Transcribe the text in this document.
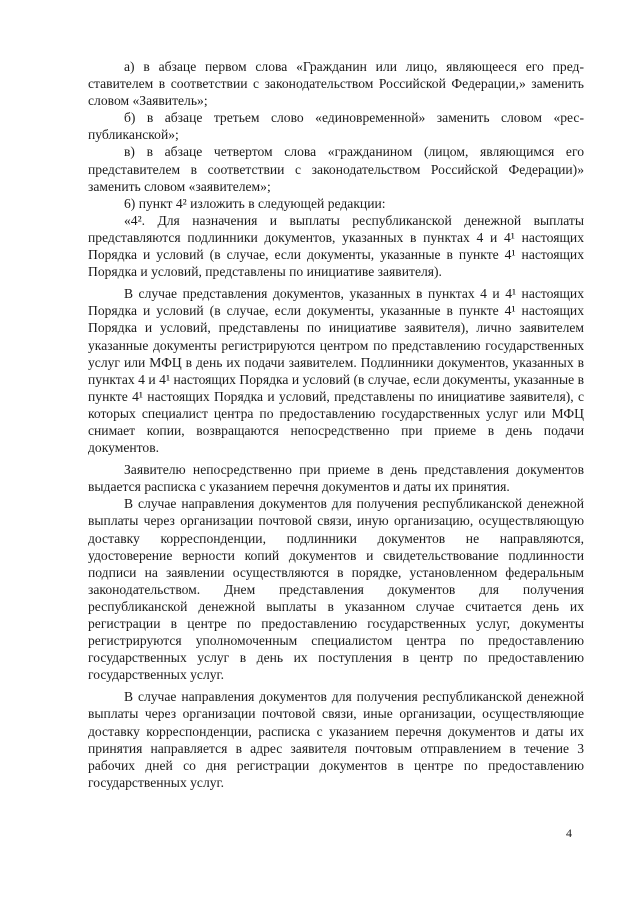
а) в абзаце первом слова «Гражданин или лицо, являющееся его представителем в соответствии с законодательством Российской Федерации,» заменить словом «Заявитель»;

б) в абзаце третьем слово «единовременной» заменить словом «республиканской»;

в) в абзаце четвертом слова «гражданином (лицом, являющимся его представителем в соответствии с законодательством Российской Федерации)» заменить словом «заявителем»;

6) пункт 4² изложить в следующей редакции:

«4². Для назначения и выплаты республиканской денежной выплаты представляются подлинники документов, указанных в пунктах 4 и 4¹ настоящих Порядка и условий (в случае, если документы, указанные в пункте 4¹ настоящих Порядка и условий, представлены по инициативе заявителя).

В случае представления документов, указанных в пунктах 4 и 4¹ настоящих Порядка и условий (в случае, если документы, указанные в пункте 4¹ настоящих Порядка и условий, представлены по инициативе заявителя), лично заявителем указанные документы регистрируются центром по представлению государственных услуг или МФЦ в день их подачи заявителем. Подлинники документов, указанных в пунктах 4 и 4¹ настоящих Порядка и условий (в случае, если документы, указанные в пункте 4¹ настоящих Порядка и условий, представлены по инициативе заявителя), с которых специалист центра по предоставлению государственных услуг или МФЦ снимает копии, возвращаются непосредственно при приеме в день подачи документов.

Заявителю непосредственно при приеме в день представления документов выдается расписка с указанием перечня документов и даты их принятия.

В случае направления документов для получения республиканской денежной выплаты через организации почтовой связи, иную организацию, осуществляющую доставку корреспонденции, подлинники документов не направляются, удостоверение верности копий документов и свидетельствование подлинности подписи на заявлении осуществляются в порядке, установленном федеральным законодательством. Днем представления документов для получения республиканской денежной выплаты в указанном случае считается день их регистрации в центре по предоставлению государственных услуг, документы регистрируются уполномоченным специалистом центра по предоставлению государственных услуг в день их поступления в центр по предоставлению государственных услуг.

В случае направления документов для получения республиканской денежной выплаты через организации почтовой связи, иные организации, осуществляющие доставку корреспонденции, расписка с указанием перечня документов и даты их принятия направляется в адрес заявителя почтовым отправлением в течение 3 рабочих дней со дня регистрации документов в центре по предоставлению государственных услуг.

4
